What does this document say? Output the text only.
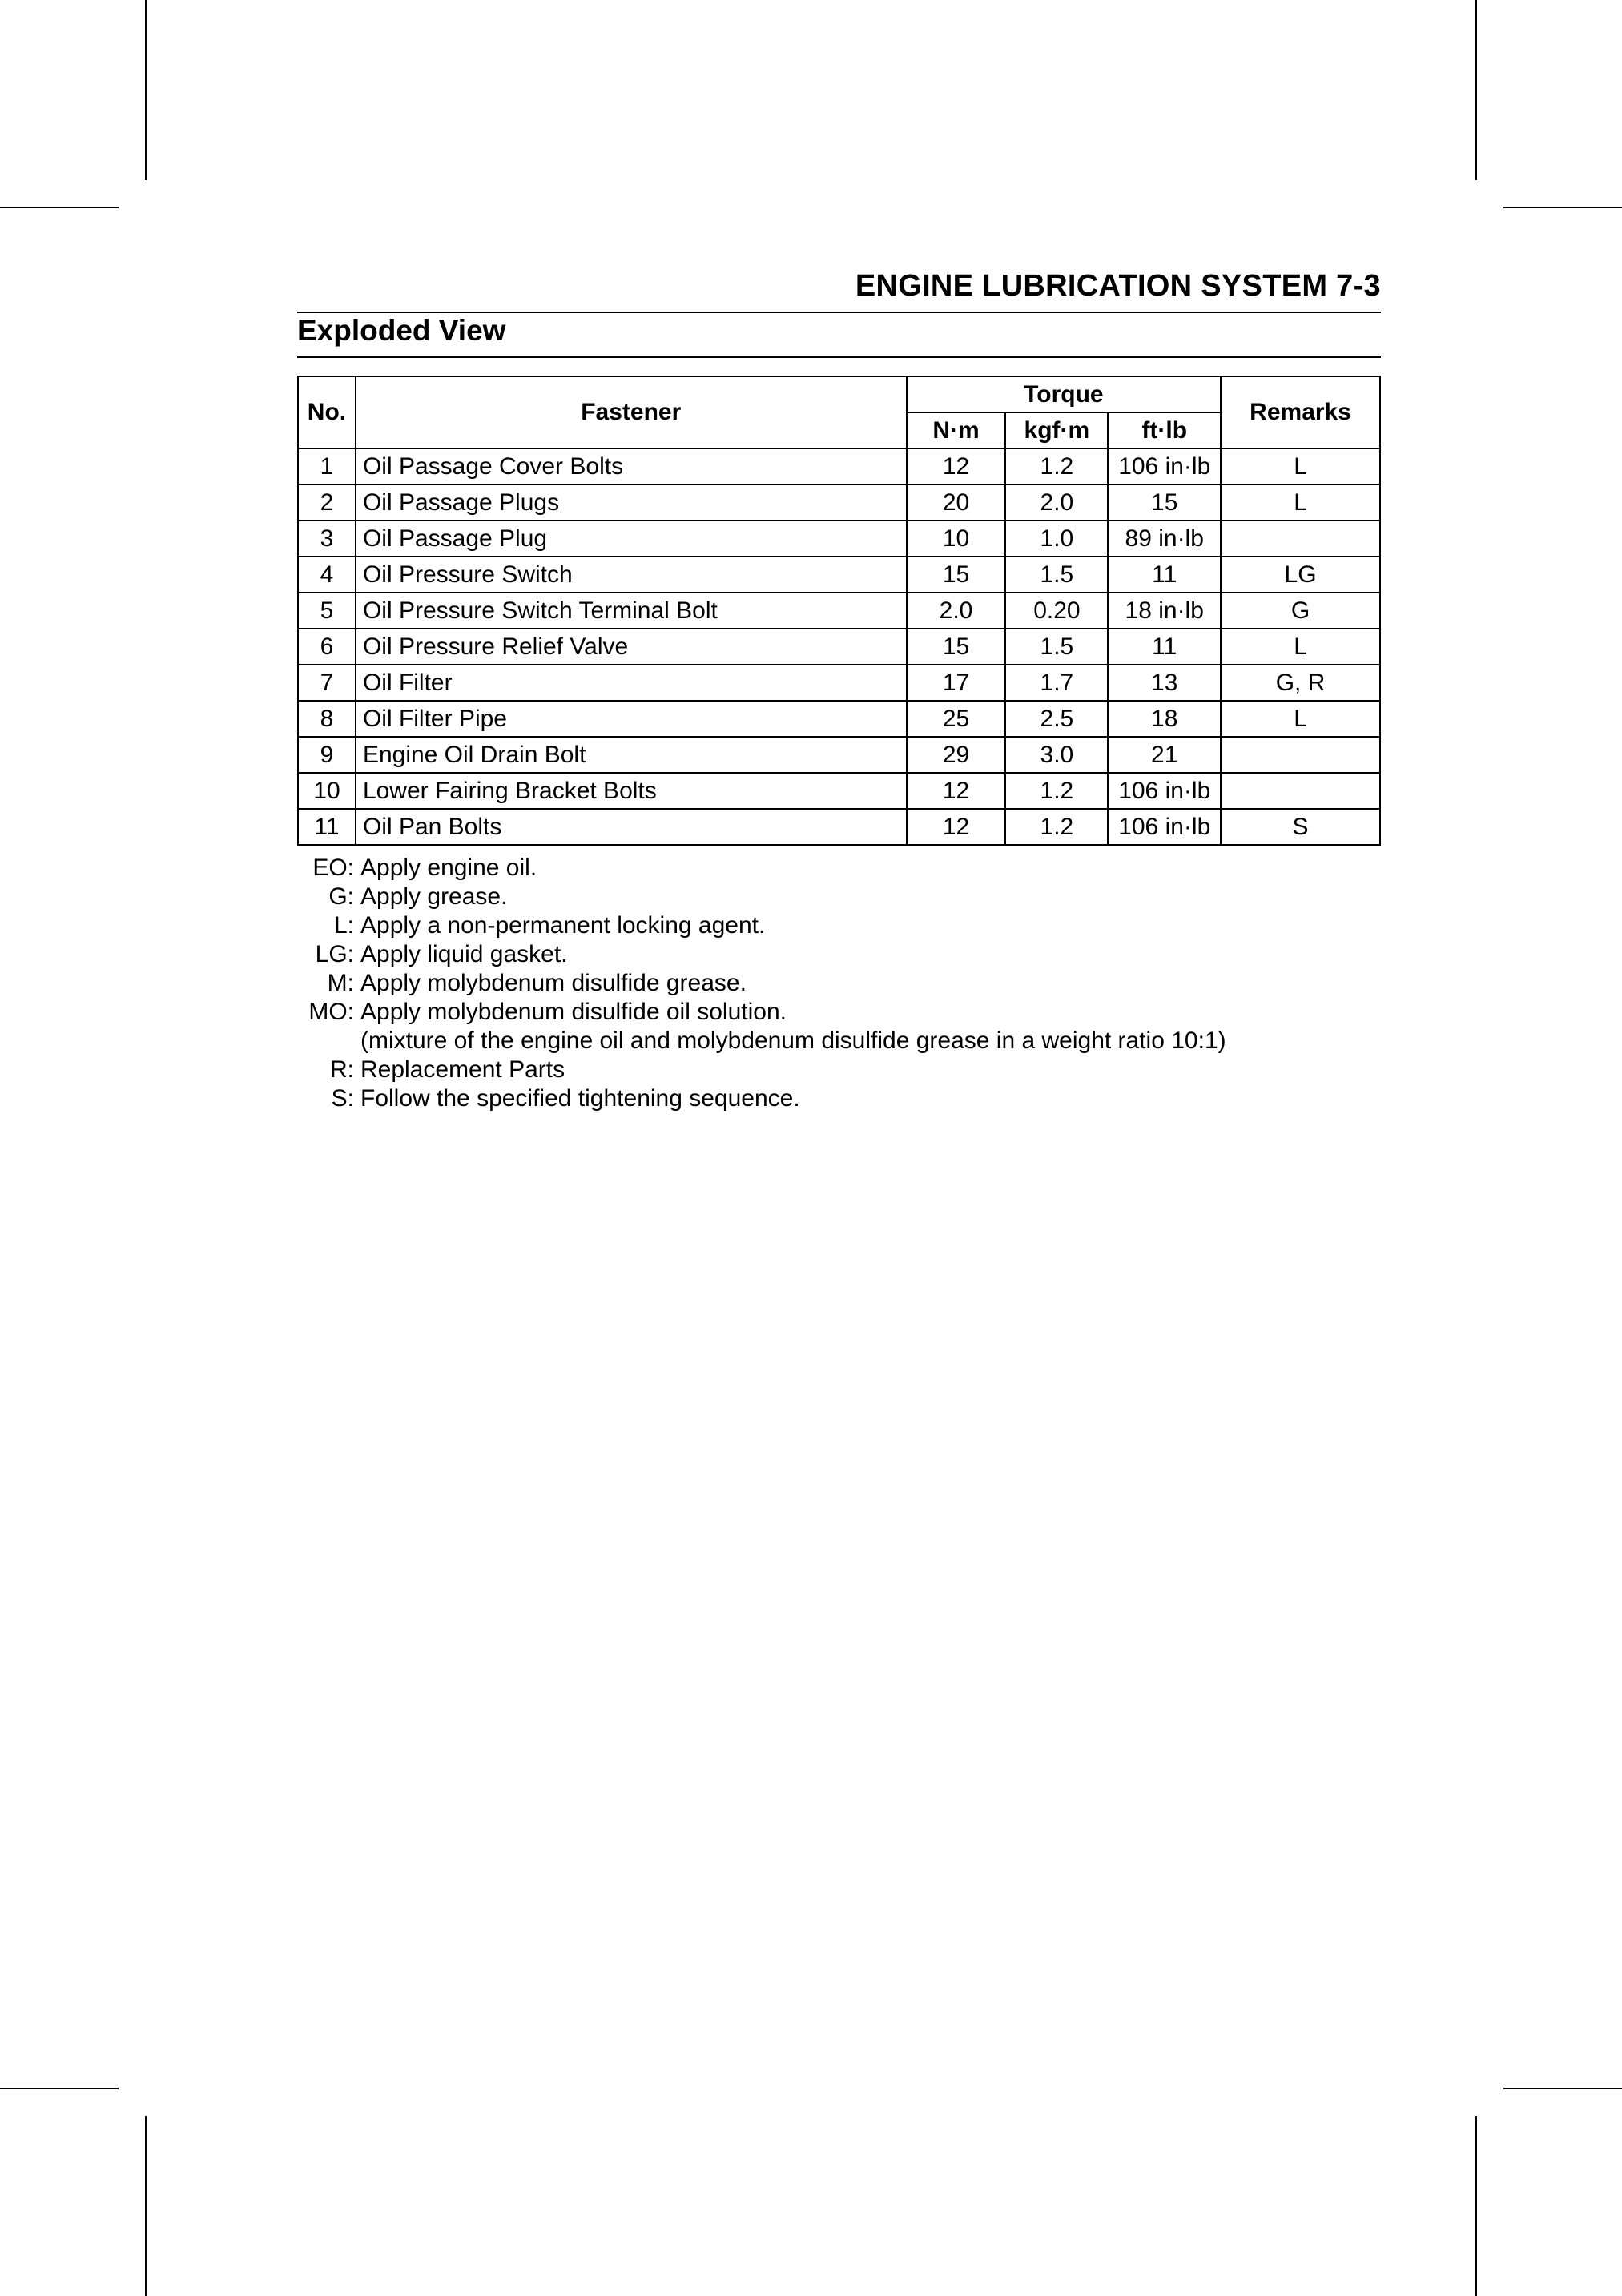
ENGINE LUBRICATION SYSTEM 7-3
Exploded View
No.	Fastener	Torque			Remarks
		N·m	kgf·m	ft·lb	
1	Oil Passage Cover Bolts	12	1.2	106 in·lb	L
2	Oil Passage Plugs	20	2.0	15	L
3	Oil Passage Plug	10	1.0	89 in·lb	
4	Oil Pressure Switch	15	1.5	11	LG
5	Oil Pressure Switch Terminal Bolt	2.0	0.20	18 in·lb	G
6	Oil Pressure Relief Valve	15	1.5	11	L
7	Oil Filter	17	1.7	13	G, R
8	Oil Filter Pipe	25	2.5	18	L
9	Engine Oil Drain Bolt	29	3.0	21	
10	Lower Fairing Bracket Bolts	12	1.2	106 in·lb	
11	Oil Pan Bolts	12	1.2	106 in·lb	S
EO: Apply engine oil.
G: Apply grease.
L: Apply a non-permanent locking agent.
LG: Apply liquid gasket.
M: Apply molybdenum disulfide grease.
MO: Apply molybdenum disulfide oil solution.
(mixture of the engine oil and molybdenum disulfide grease in a weight ratio 10:1)
R: Replacement Parts
S: Follow the specified tightening sequence.
